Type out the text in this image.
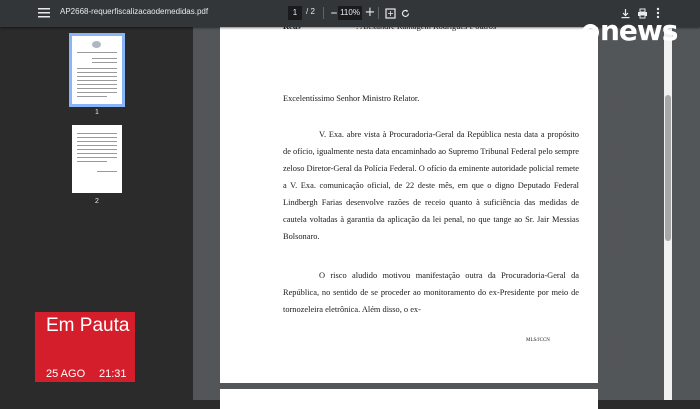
AP2668-requerfiscalizacaodemedidas.pdf	1	/ 2	– 110% +
1
2
Excelentíssimo Senhor Ministro Relator.
V. Exa. abre vista à Procuradoria-Geral da República nesta data a propósito de ofício, igualmente nesta data encaminhado ao Supremo Tribunal Federal pelo sempre zeloso Diretor-Geral da Polícia Federal. O ofício da eminente autoridade policial remete a V. Exa. comunicação oficial, de 22 deste mês, em que o digno Deputado Federal Lindbergh Farias desenvolve razões de receio quanto à suficiência das medidas de cautela voltadas à garantia da aplicação da lei penal, no que tange ao Sr. Jair Messias Bolsonaro.
O risco aludido motivou manifestação outra da Procuradoria-Geral da República, no sentido de se proceder ao monitoramento do ex-Presidente por meio de tornozeleira eletrônica. Além disso, o ex-
MLS/JCCN	Documento assinado via Token digitalmente por PROCURADOR-GERAL DA REPUBLICA PAULO GUSTAVO GONET BRANCO, em
http://www.transparencia.mpf.mp.br/validacaodocumento. Chave c8deaa3c.fe05c41d.ef2c8b31.7e1a1945
news
Em Pauta
25 AGO 21:31
